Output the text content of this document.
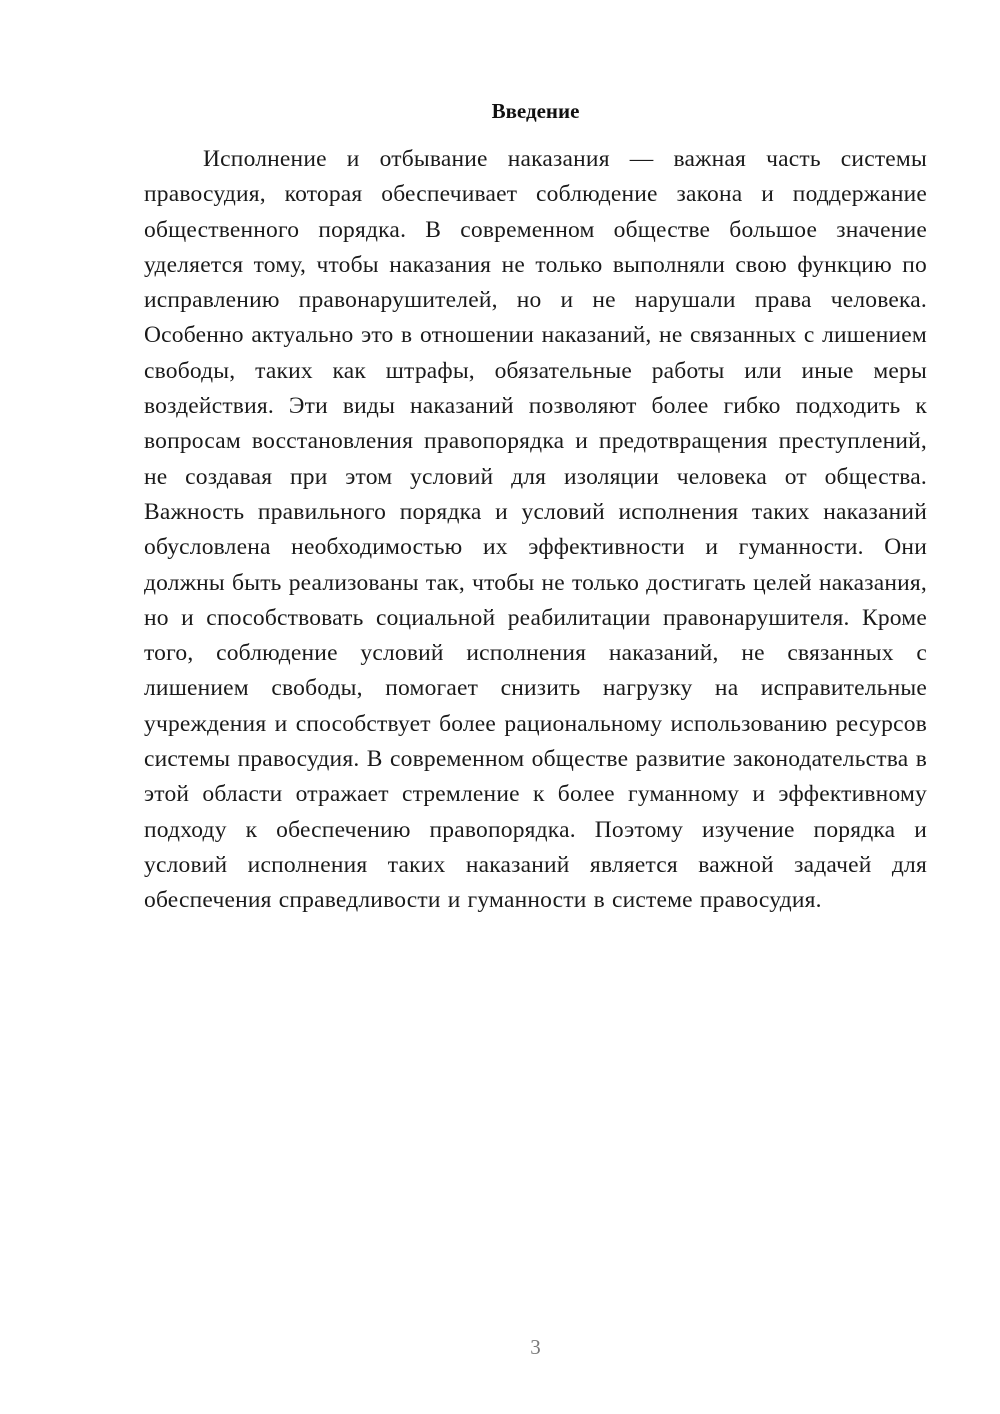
Введение

Исполнение и отбывание наказания — важная часть системы правосудия, которая обеспечивает соблюдение закона и поддержание общественного порядка. В современном обществе большое значение уделяется тому, чтобы наказания не только выполняли свою функцию по исправлению правонарушителей, но и не нарушали права человека. Особенно актуально это в отношении наказаний, не связанных с лишением свободы, таких как штрафы, обязательные работы или иные меры воздействия. Эти виды наказаний позволяют более гибко подходить к вопросам восстановления правопорядка и предотвращения преступлений, не создавая при этом условий для изоляции человека от общества. Важность правильного порядка и условий исполнения таких наказаний обусловлена необходимостью их эффективности и гуманности. Они должны быть реализованы так, чтобы не только достигать целей наказания, но и способствовать социальной реабилитации правонарушителя. Кроме того, соблюдение условий исполнения наказаний, не связанных с лишением свободы, помогает снизить нагрузку на исправительные учреждения и способствует более рациональному использованию ресурсов системы правосудия. В современном обществе развитие законодательства в этой области отражает стремление к более гуманному и эффективному подходу к обеспечению правопорядка. Поэтому изучение порядка и условий исполнения таких наказаний является важной задачей для обеспечения справедливости и гуманности в системе правосудия.

3
